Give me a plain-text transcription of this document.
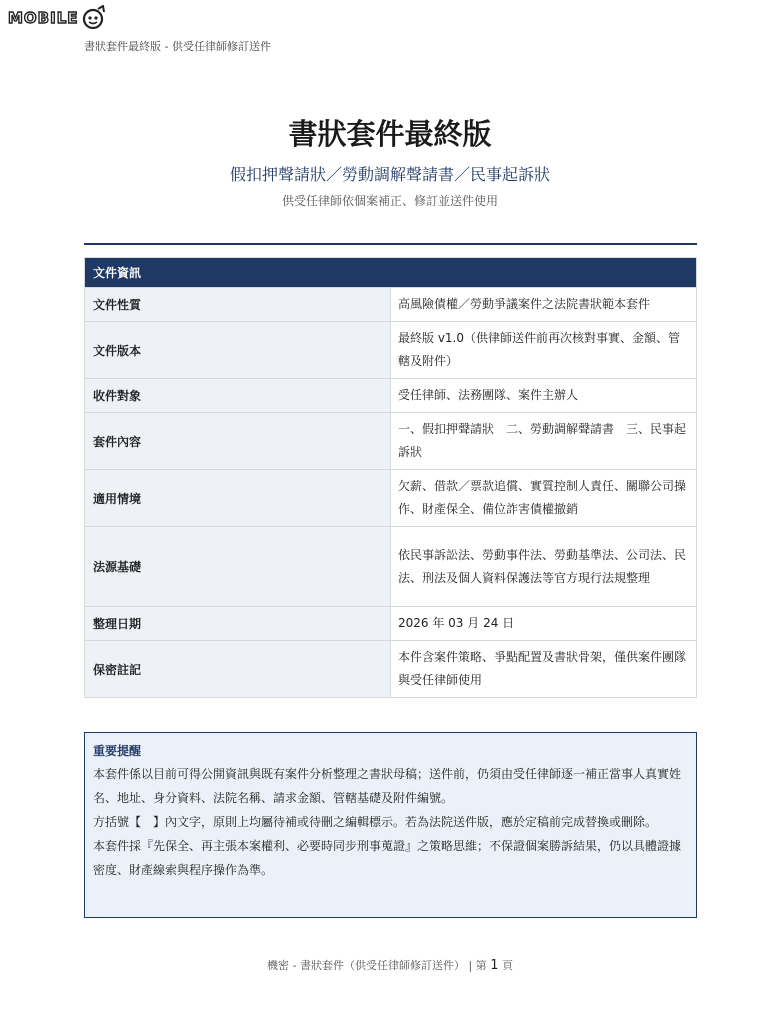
MOBILE
書狀套件最終版 - 供受任律師修訂送件
書狀套件最終版
假扣押聲請狀／勞動調解聲請書／民事起訴狀
供受任律師依個案補正、修訂並送件使用
文件資訊	
文件性質	高風險債權／勞動爭議案件之法院書狀範本套件
文件版本	最終版 v1.0（供律師送件前再次核對事實、金額、管轄及附件）
收件對象	受任律師、法務團隊、案件主辦人
套件內容	一、假扣押聲請狀　二、勞動調解聲請書　三、民事起訴狀
適用情境	欠薪、借款／票款追償、實質控制人責任、關聯公司操作、財產保全、備位詐害債權撤銷
法源基礎	依民事訴訟法、勞動事件法、勞動基準法、公司法、民法、刑法及個人資料保護法等官方現行法規整理
整理日期	2026 年 03 月 24 日
保密註記	本件含案件策略、爭點配置及書狀骨架，僅供案件團隊與受任律師使用
重要提醒
本套件係以目前可得公開資訊與既有案件分析整理之書狀母稿；送件前，仍須由受任律師逐一補正當事人真實姓名、地址、身分資料、法院名稱、請求金額、管轄基礎及附件編號。
方括號【　】內文字，原則上均屬待補或待刪之編輯標示。若為法院送件版，應於定稿前完成替換或刪除。
本套件採『先保全、再主張本案權利、必要時同步刑事蒐證』之策略思維；不保證個案勝訴結果，仍以具體證據密度、財產線索與程序操作為準。
機密 - 書狀套件（供受任律師修訂送件） | 第 1 頁
